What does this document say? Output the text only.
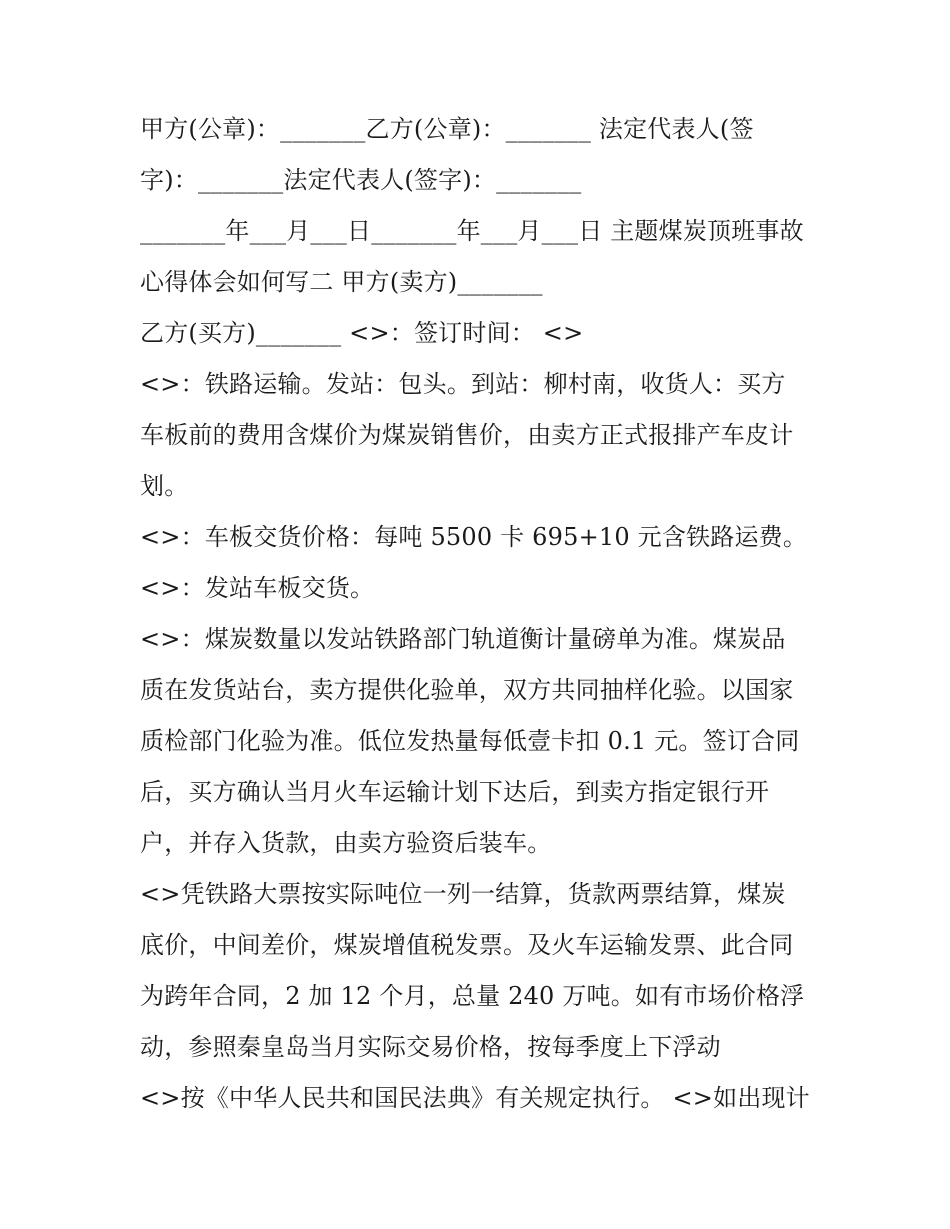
甲方(公章)：_______乙方(公章)：_______ 法定代表人(签
字)：_______法定代表人(签字)：_______
_______年___月___日_______年___月___日 主题煤炭顶班事故
心得体会如何写二 甲方(卖方)_______
乙方(买方)_______ <>：签订时间： <>
<>：铁路运输。发站：包头。到站：柳村南，收货人：买方
车板前的费用含煤价为煤炭销售价，由卖方正式报排产车皮计
划。
<>：车板交货价格：每吨 5500 卡 695+10 元含铁路运费。
<>：发站车板交货。
<>：煤炭数量以发站铁路部门轨道衡计量磅单为准。煤炭品
质在发货站台，卖方提供化验单，双方共同抽样化验。以国家
质检部门化验为准。低位发热量每低壹卡扣 0.1 元。签订合同
后，买方确认当月火车运输计划下达后，到卖方指定银行开
户，并存入货款，由卖方验资后装车。
<>凭铁路大票按实际吨位一列一结算，货款两票结算，煤炭
底价，中间差价，煤炭增值税发票。及火车运输发票、此合同
为跨年合同，2 加 12 个月，总量 240 万吨。如有市场价格浮
动，参照秦皇岛当月实际交易价格，按每季度上下浮动
<>按《中华人民共和国民法典》有关规定执行。 <>如出现计
